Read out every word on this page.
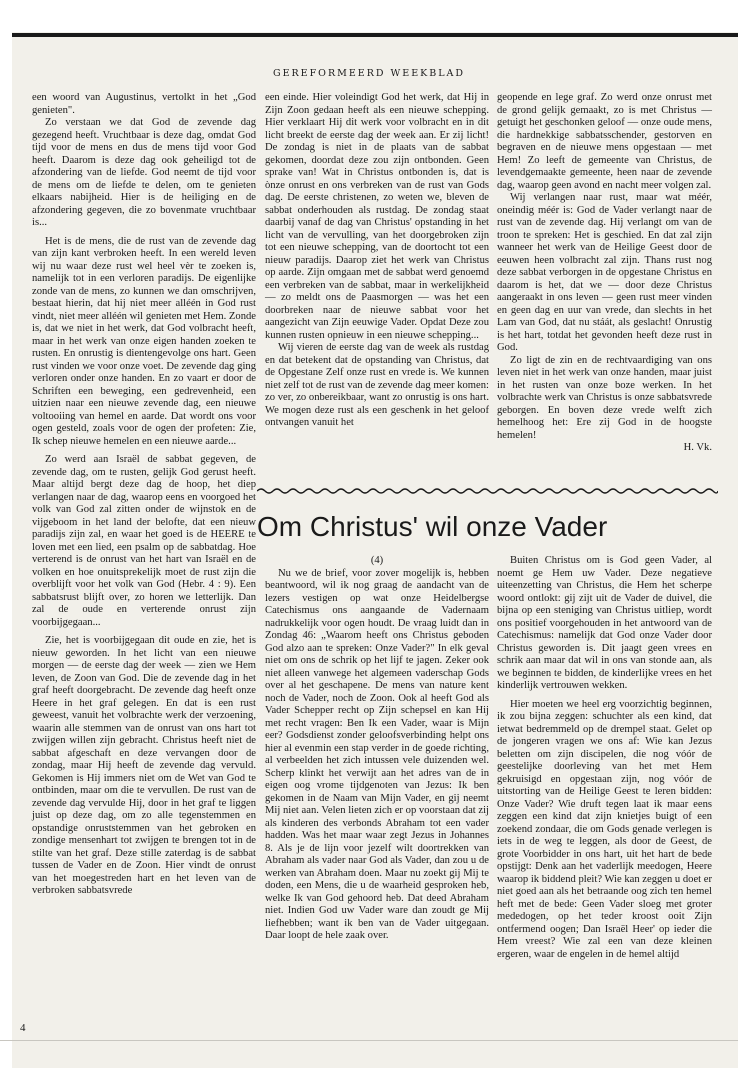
GEREFORMEERD WEEKBLAD

een woord van Augustinus, vertolkt in het „God genieten".

Zo verstaan we dat God de zevende dag gezegend heeft. Vruchtbaar is deze dag, omdat God tijd voor de mens en dus de mens tijd voor God heeft. Daarom is deze dag ook geheiligd tot de afzondering van de liefde. God neemt de tijd voor de mens om de liefde te delen, om te genieten elkaars nabijheid. Hier is de heiliging en de afzondering gegeven, die zo bovenmate vruchtbaar is...

Het is de mens, die de rust van de zevende dag van zijn kant verbroken heeft. In een wereld leven wij nu waar deze rust wel heel vèr te zoeken is, namelijk tot in een verloren paradijs. De eigenlijke zonde van de mens, zo kunnen we dan omschrijven, bestaat hierin, dat hij niet meer alléén in God rust vindt, niet meer alléén wil genieten met Hem. Zonde is, dat we niet in het werk, dat God volbracht heeft, maar in het werk van onze eigen handen zoeken te rusten. En onrustig is dientengevolge ons hart. Geen rust vinden we voor onze voet. De zevende dag ging verloren onder onze handen. En zo vaart er door de Schriften een beweging, een gedrevenheid, een uitzien naar een nieuwe zevende dag, een nieuwe voltooiing van hemel en aarde. Dat wordt ons voor ogen gesteld, zoals voor de ogen der profeten: Zie, Ik schep nieuwe hemelen en een nieuwe aarde...

Zo werd aan Israël de sabbat gegeven, de zevende dag, om te rusten, gelijk God gerust heeft. Maar altijd bergt deze dag de hoop, het diep verlangen naar de dag, waarop eens en voorgoed het volk van God zal zitten onder de wijnstok en de vijgeboom in het land der belofte, dat een nieuw paradijs zijn zal, en waar het goed is de HEERE te loven met een lied, een psalm op de sabbatdag. Hoe verterend is de onrust van het hart van Israël en de volken en hoe onuitsprekelijk moet de rust zijn die overblijft voor het volk van God (Hebr. 4 : 9). Een sabbatsrust blijft over, zo horen we letterlijk. Dan zal de oude en verterende onrust zijn voorbijgegaan...

Zie, het is voorbijgegaan dit oude en zie, het is nieuw geworden. In het licht van een nieuwe morgen — de eerste dag der week — zien we Hem leven, de Zoon van God. Die de zevende dag in het graf heeft doorgebracht. De zevende dag heeft onze Heere in het graf gelegen. En dat is een rust geweest, vanuit het volbrachte werk der verzoening, waarin alle stemmen van de onrust van ons hart tot zwijgen willen zijn gebracht. Christus heeft niet de sabbat afgeschaft en deze vervangen door de zondag, maar Hij heeft de zevende dag vervuld. Gekomen is Hij immers niet om de Wet van God te ontbinden, maar om die te vervullen. De rust van de zevende dag vervulde Hij, door in het graf te liggen juist op deze dag, om zo alle tegenstemmen en opstandige onruststemmen van het gebroken en zondige mensenhart tot zwijgen te brengen tot in de stilte van het graf. Deze stille zaterdag is de sabbat tussen de Vader en de Zoon. Hier vindt de onrust van het moegestreden hart en het leven van de verbroken sabbatsvrede

een einde. Hier voleindigt God het werk, dat Hij in Zijn Zoon gedaan heeft als een nieuwe schepping. Hier verklaart Hij dit werk voor volbracht en in dit licht breekt de eerste dag der week aan. Er zij licht! De zondag is niet in de plaats van de sabbat gekomen, doordat deze zou zijn ontbonden. Geen sprake van! Wat in Christus ontbonden is, dat is ònze onrust en ons verbreken van de rust van Gods dag. De eerste christenen, zo weten we, bleven de sabbat onderhouden als rustdag. De zondag staat daarbij vanaf de dag van Christus' opstanding in het licht van de vervulling, van het doorgebroken zijn tot een nieuwe schepping, van de doortocht tot een nieuw paradijs. Daarop ziet het werk van Christus op aarde. Zijn omgaan met de sabbat werd genoemd een verbreken van de sabbat, maar in werkelijkheid — zo meldt ons de Paasmorgen — was het een doorbreken naar de nieuwe sabbat voor het aangezicht van Zijn eeuwige Vader. Opdat Deze zou kunnen rusten opnieuw in een nieuwe schepping...

Wij vieren de eerste dag van de week als rustdag en dat betekent dat de opstanding van Christus, dat de Opgestane Zelf onze rust en vrede is. We kunnen niet zelf tot de rust van de zevende dag meer komen: zo ver, zo onbereikbaar, want zo onrustig is ons hart. We mogen deze rust als een geschenk in het geloof ontvangen vanuit het

geopende en lege graf. Zo werd onze onrust met de grond gelijk gemaakt, zo is met Christus — getuigt het geschonken geloof — onze oude mens, die hardnekkige sabbatsschender, gestorven en begraven en de nieuwe mens opgestaan — met Hem! Zo leeft de gemeente van Christus, de levendgemaakte gemeente, heen naar de zevende dag, waarop geen avond en nacht meer volgen zal.

Wij verlangen naar rust, maar wat méér, oneindig méér is: God de Vader verlangt naar de rust van de zevende dag. Hij verlangt om van de troon te spreken: Het is geschied. En dat zal zijn wanneer het werk van de Heilige Geest door de eeuwen heen volbracht zal zijn. Thans rust nog deze sabbat verborgen in de opgestane Christus en daarom is het, dat we — door deze Christus aangeraakt in ons leven — geen rust meer vinden en geen dag en uur van vrede, dan slechts in het Lam van God, dat nu stáát, als geslacht! Onrustig is het hart, totdat het gevonden heeft deze rust in God.

Zo ligt de zin en de rechtvaardiging van ons leven niet in het werk van onze handen, maar juist in het rusten van onze boze werken. In het volbrachte werk van Christus is onze sabbatsvrede geborgen. En boven deze vrede welft zich hemelhoog het: Ere zij God in de hoogste hemelen!

H. Vk.

Om Christus' wil onze Vader

(4)

Nu we de brief, voor zover mogelijk is, hebben beantwoord, wil ik nog graag de aandacht van de lezers vestigen op wat onze Heidelbergse Catechismus ons aangaande de Vadernaam nadrukkelijk voor ogen houdt. De vraag luidt dan in Zondag 46: „Waarom heeft ons Christus geboden God alzo aan te spreken: Onze Vader?" In elk geval niet om ons de schrik op het lijf te jagen. Zeker ook niet alleen vanwege het algemeen vaderschap Gods over al het geschapene. De mens van nature kent noch de Vader, noch de Zoon. Ook al heeft God als Vader Schepper recht op Zijn schepsel en kan Hij met recht vragen: Ben Ik een Vader, waar is Mijn eer? Godsdienst zonder geloofsverbinding helpt ons hier al evenmin een stap verder in de goede richting, al verbeelden het zich intussen vele duizenden wel. Scherp klinkt het verwijt aan het adres van de in eigen oog vrome tijdgenoten van Jezus: Ik ben gekomen in de Naam van Mijn Vader, en gij neemt Mij niet aan. Velen lieten zich er op voorstaan dat zij als kinderen des verbonds Abraham tot een vader hadden. Was het maar waar zegt Jezus in Johannes 8. Als je de lijn voor jezelf wilt doortrekken van Abraham als vader naar God als Vader, dan zou u de werken van Abraham doen. Maar nu zoekt gij Mij te doden, een Mens, die u de waarheid gesproken heb, welke Ik van God gehoord heb. Dat deed Abraham niet. Indien God uw Vader ware dan zoudt ge Mij liefhebben; want ik ben van de Vader uitgegaan. Daar loopt de hele zaak over.

Buiten Christus om is God geen Vader, al noemt ge Hem uw Vader. Deze negatieve uiteenzetting van Christus, die Hem het scherpe woord ontlokt: gij zijt uit de Vader de duivel, die bijna op een steniging van Christus uitliep, wordt ons positief voorgehouden in het antwoord van de Catechismus: namelijk dat God onze Vader door Christus geworden is. Dit jaagt geen vrees en schrik aan maar dat wil in ons van stonde aan, als we beginnen te bidden, de kinderlijke vrees en het kinderlijk vertrouwen wekken.

Hier moeten we heel erg voorzichtig beginnen, ik zou bijna zeggen: schuchter als een kind, dat ietwat bedremmeld op de drempel staat. Gelet op de jongeren vragen we ons af: Wie kan Jezus beletten om zijn discipelen, die nog vóór de geestelijke doorleving van het met Hem gekruisigd en opgestaan zijn, nog vóór de uitstorting van de Heilige Geest te leren bidden: Onze Vader? Wie druft tegen laat ik maar eens zeggen een kind dat zijn knietjes buigt of een zoekend zondaar, die om Gods genade verlegen is iets in de weg te leggen, als door de Geest, de grote Voorbidder in ons hart, uit het hart de bede opstijgt: Denk aan het vaderlijk meedogen, Heere waarop ik biddend pleit? Wie kan zeggen u doet er niet goed aan als het betraande oog zich ten hemel heft met de bede: Geen Vader sloeg met groter mededogen, op het teder kroost ooit Zijn ontfermend oogen; Dan Israël Heer' op ieder die Hem vreest? Wie zal een van deze kleinen ergeren, waar de engelen in de hemel altijd

4
